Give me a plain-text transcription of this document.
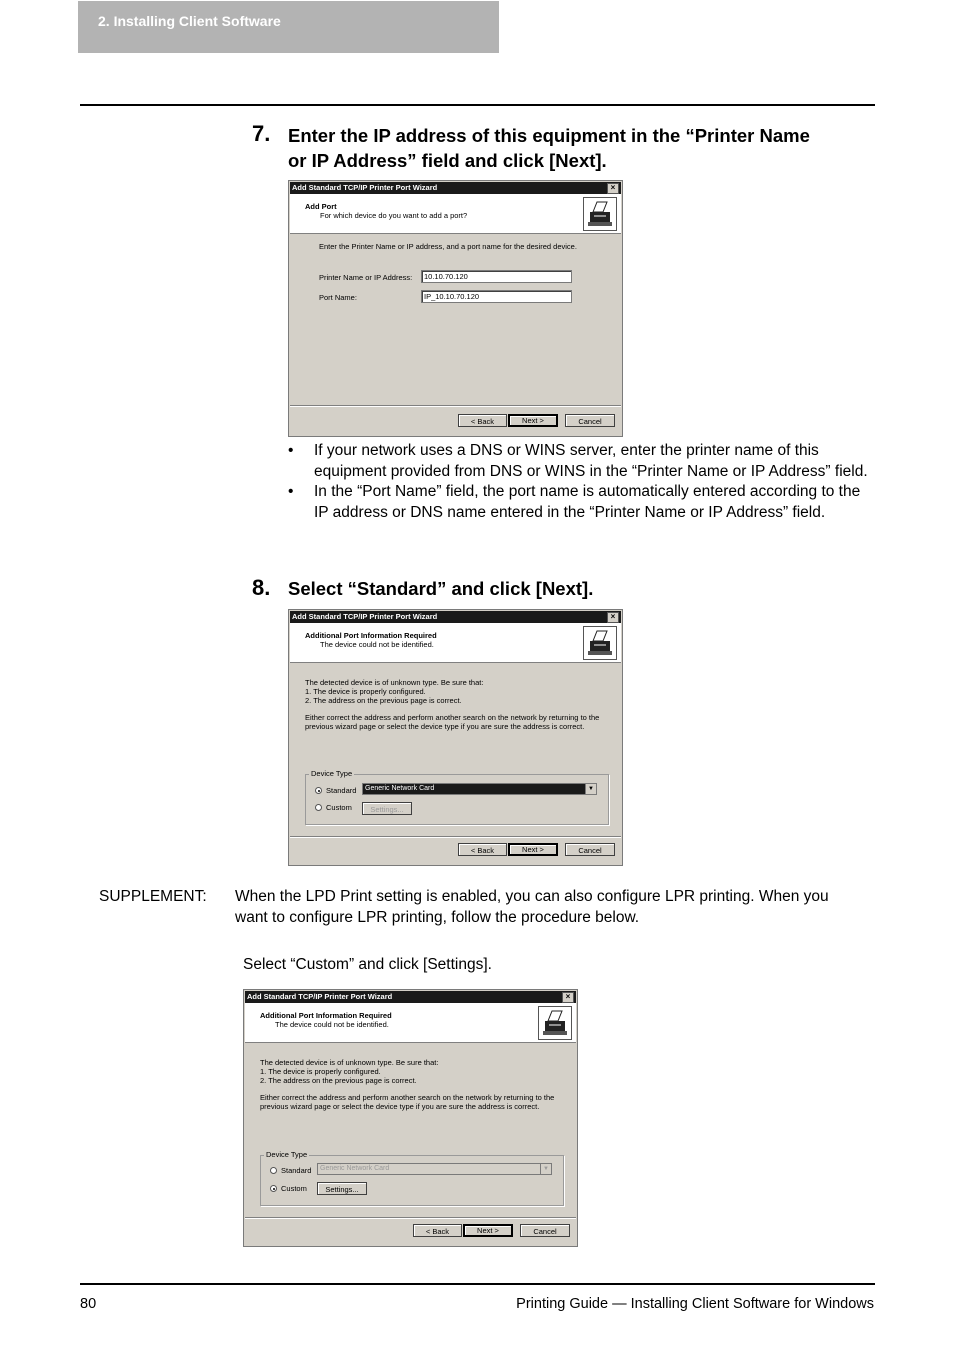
2. Installing Client Software
7. Enter the IP address of this equipment in the “Printer Name
or IP Address” field and click [Next].
Add Standard TCP/IP Printer Port Wizard	×
Add Port
For which device do you want to add a port?
Enter the Printer Name or IP address, and a port name for the desired device.
Printer Name or IP Address:	10.10.70.120
Port Name:	IP_10.10.70.120
< Back	Next >	Cancel
• If your network uses a DNS or WINS server, enter the printer name of this equipment provided from DNS or WINS in the “Printer Name or IP Address” field.
• In the “Port Name” field, the port name is automatically entered according to the IP address or DNS name entered in the “Printer Name or IP Address” field.
8. Select “Standard” and click [Next].
Add Standard TCP/IP Printer Port Wizard	×
Additional Port Information Required
The device could not be identified.
The detected device is of unknown type. Be sure that:
1. The device is properly configured.
2. The address on the previous page is correct.
Either correct the address and perform another search on the network by returning to the
previous wizard page or select the device type if you are sure the address is correct.
Device Type
Standard	Generic Network Card	▼
Custom	Settings...
< Back	Next >	Cancel
SUPPLEMENT: When the LPD Print setting is enabled, you can also configure LPR printing. When you
want to configure LPR printing, follow the procedure below.
Select “Custom” and click [Settings].
Add Standard TCP/IP Printer Port Wizard	×
Additional Port Information Required
The device could not be identified.
The detected device is of unknown type. Be sure that:
1. The device is properly configured.
2. The address on the previous page is correct.
Either correct the address and perform another search on the network by returning to the
previous wizard page or select the device type if you are sure the address is correct.
Device Type
Standard	Generic Network Card	▼
Custom	Settings...
< Back	Next >	Cancel
80	Printing Guide — Installing Client Software for Windows
